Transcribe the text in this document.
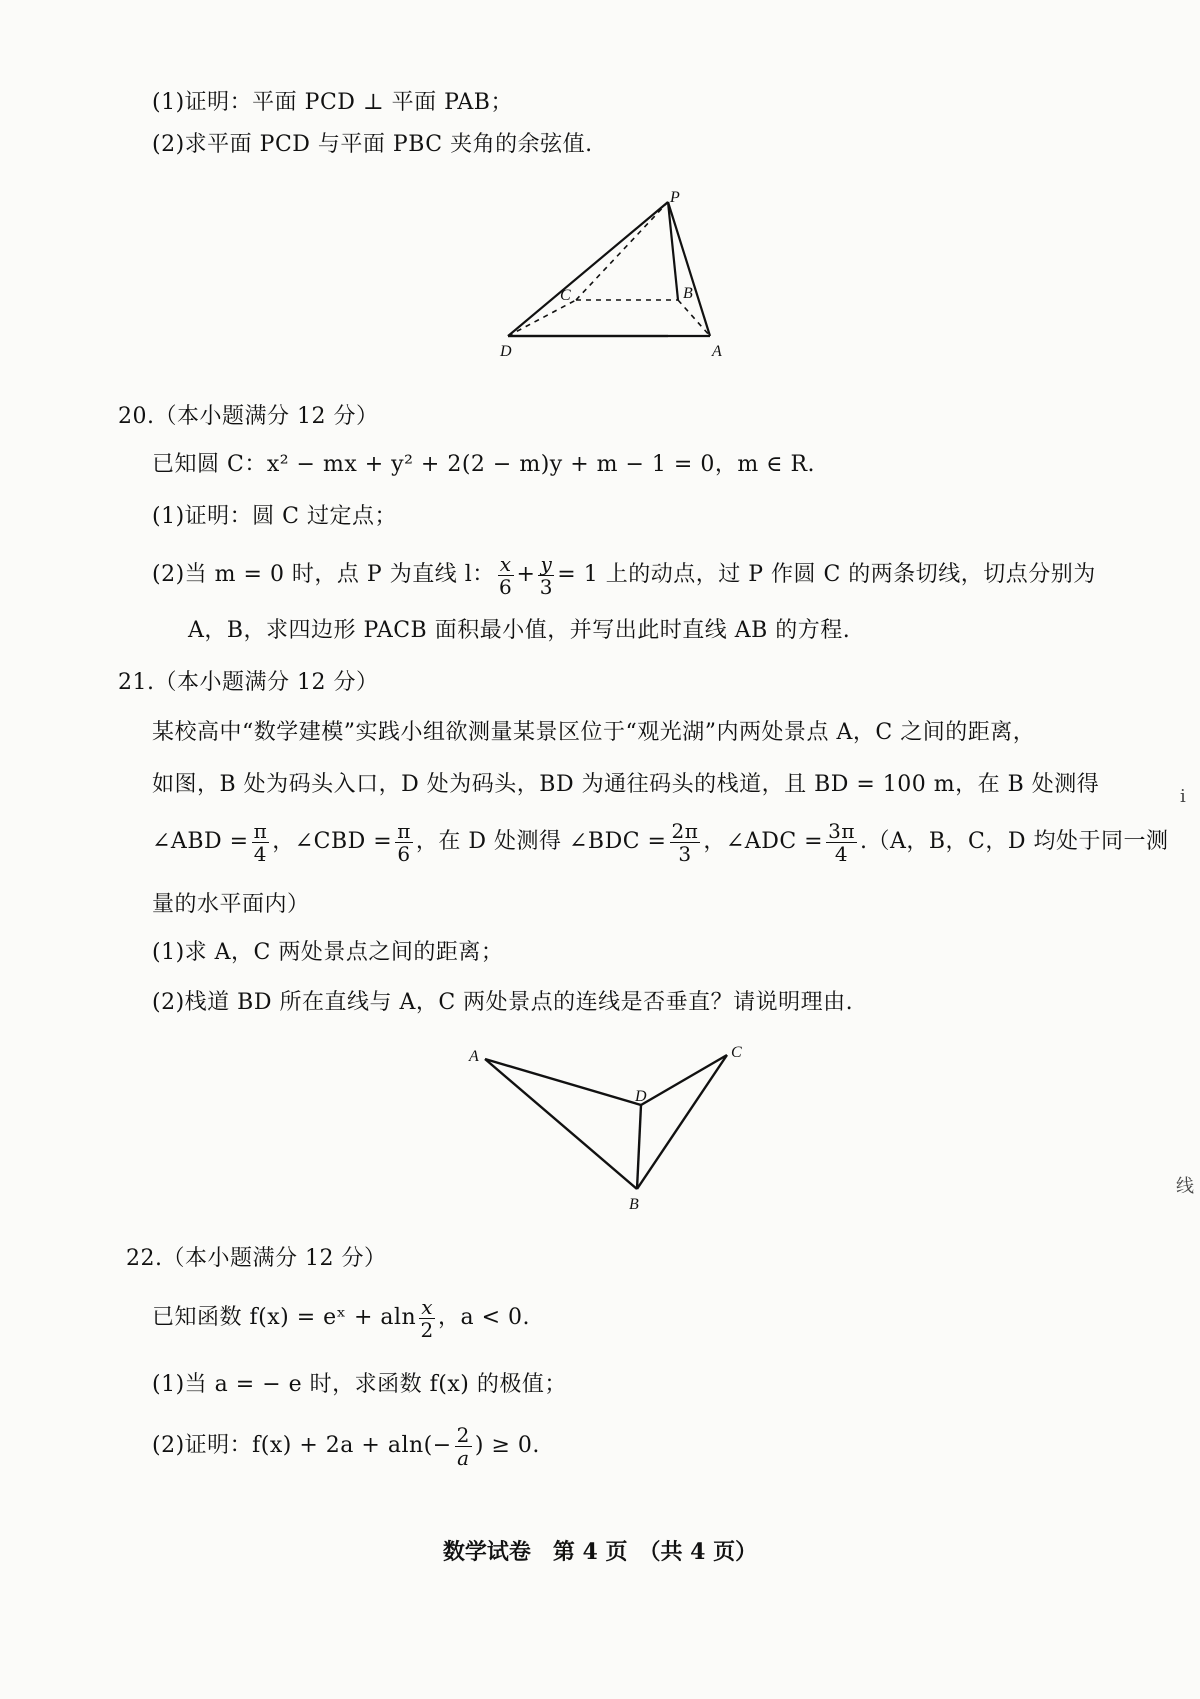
(1)证明：平面 PCD ⊥ 平面 PAB；
(2)求平面 PCD 与平面 PBC 夹角的余弦值.
P
C	B
D	A
20.（本小题满分 12 分）
已知圆 C：x² − mx + y² + 2(2 − m)y + m − 1 = 0，m ∈ R.
(1)证明：圆 C 过定点；
(2)当 m = 0 时，点 P 为直线 l： $\frac{x}{6} + \frac{y}{3} = 1$ 上的动点，过 P 作圆 C 的两条切线，切点分别为
A，B，求四边形 PACB 面积最小值，并写出此时直线 AB 的方程.
21.（本小题满分 12 分）
某校高中“数学建模”实践小组欲测量某景区位于“观光湖”内两处景点 A，C 之间的距离，
如图，B 处为码头入口，D 处为码头，BD 为通往码头的栈道，且 BD = 100 m，在 B 处测得
∠ABD = $\frac{\pi}{4}$ ，∠CBD = $\frac{\pi}{6}$ ，在 D 处测得 ∠BDC = $\frac{2\pi}{3}$ ，∠ADC = $\frac{3\pi}{4} .(A$，B，C，D 均处于同一测
量的水平面内）
(1)求 A，C 两处景点之间的距离；
(2)栈道 BD 所在直线与 A，C 两处景点的连线是否垂直？请说明理由.
A	C
D
B
22.（本小题满分 12 分）
已知函数 f(x) = eˣ + aln $\frac{x}{2}$ ，a < 0.
(1)当 a = − e 时，求函数 f(x) 的极值；
(2)证明：$f(x) + 2a + aln(- \frac{2}{a}$ ) ≥ 0.
数学试卷　第 4 页　（共 4 页）
i
线
